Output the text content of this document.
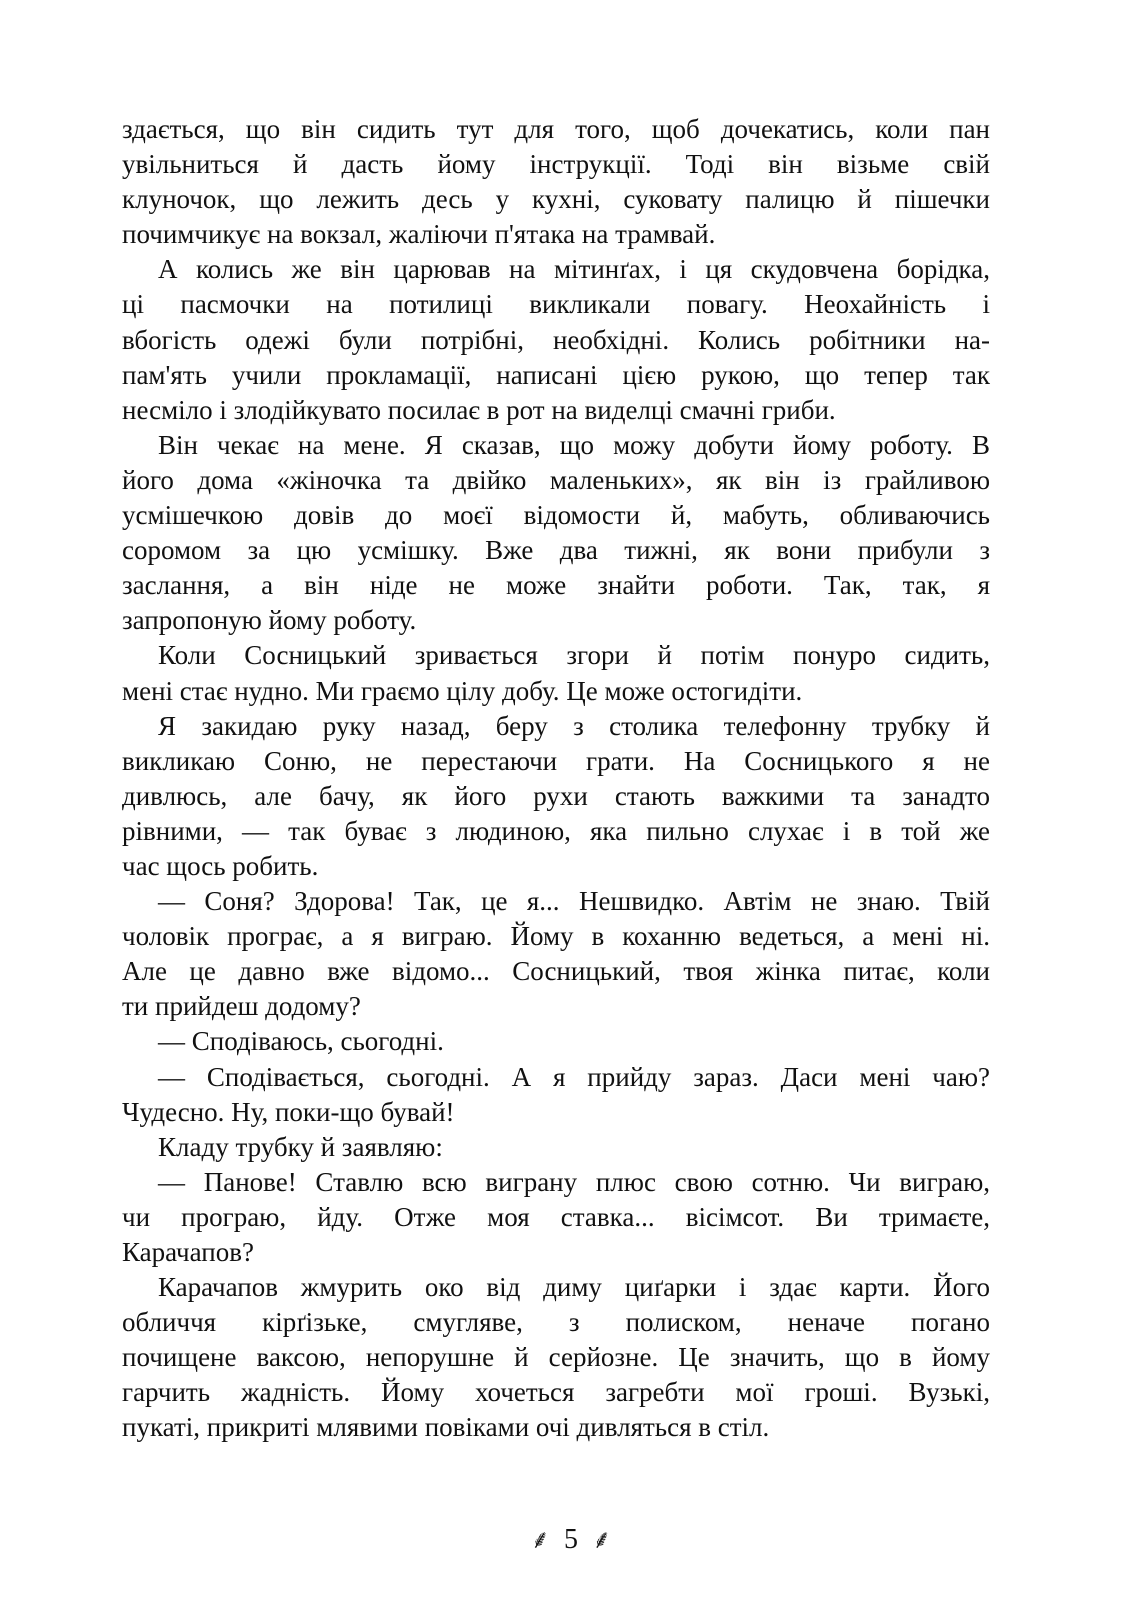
здається, що він сидить тут для того, щоб дочекатись, коли пан
увільниться й дасть йому інструкції. Тоді він візьме свій
клуночок, що лежить десь у кухні, суковату палицю й пішечки
почимчикує на вокзал, жаліючи п'ятака на трамвай.
А колись же він царював на мітинґах, і ця скудовчена борідка,
ці пасмочки на потилиці викликали повагу. Неохайність і
вбогість одежі були потрібні, необхідні. Колись робітники на-
пам'ять учили прокламації, написані цією рукою, що тепер так
несміло і злодійкувато посилає в рот на виделці смачні гриби.
Він чекає на мене. Я сказав, що можу добути йому роботу. В
його дома «жіночка та двійко маленьких», як він із грайливою
усмішечкою довів до моєї відомости й, мабуть, обливаючись
соромом за цю усмішку. Вже два тижні, як вони прибули з
заслання, а він ніде не може знайти роботи. Так, так, я
запропоную йому роботу.
Коли Сосницький зривається згори й потім понуро сидить,
мені стає нудно. Ми граємо цілу добу. Це може остогидіти.
Я закидаю руку назад, беру з столика телефонну трубку й
викликаю Соню, не перестаючи грати. На Сосницького я не
дивлюсь, але бачу, як його рухи стають важкими та занадто
рівними, — так буває з людиною, яка пильно слухає і в той же
час щось робить.
— Соня? Здорова! Так, це я... Нешвидко. Автім не знаю. Твій
чоловік програє, а я виграю. Йому в коханню ведеться, а мені ні.
Але це давно вже відомо... Сосницький, твоя жінка питає, коли
ти прийдеш додому?
— Сподіваюсь, сьогодні.
— Сподівається, сьогодні. А я прийду зараз. Даси мені чаю?
Чудесно. Ну, поки-що бувай!
Кладу трубку й заявляю:
— Панове! Ставлю всю виграну плюс свою сотню. Чи виграю,
чи програю, йду. Отже моя ставка... вісімсот. Ви тримаєте,
Карачапов?
Карачапов жмурить око від диму циґарки і здає карти. Його
обличчя кірґізьке, смугляве, з полиском, неначе погано
почищене ваксою, непорушне й серйозне. Це значить, що в йому
гарчить жадність. Йому хочеться загребти мої гроші. Вузькі,
пукаті, прикриті млявими повіками очі дивляться в стіл.
⸙ 5 ⸙
